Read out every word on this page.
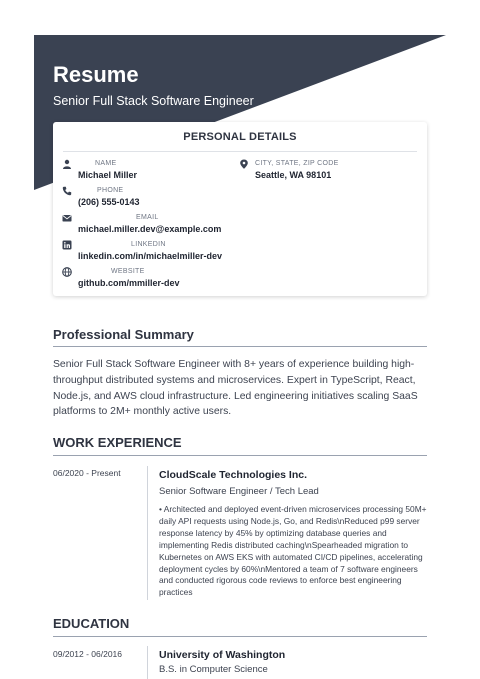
Resume

Senior Full Stack Software Engineer

PERSONAL DETAILS
NAME
Michael Miller
CITY, STATE, ZIP CODE
Seattle, WA 98101
PHONE
(206) 555-0143
EMAIL
michael.miller.dev@example.com
LINKEDIN
linkedin.com/in/michaelmiller-dev
WEBSITE
github.com/mmiller-dev
Professional Summary

Senior Full Stack Software Engineer with 8+ years of experience building high-throughput distributed systems and microservices. Expert in TypeScript, React, Node.js, and AWS cloud infrastructure. Led engineering initiatives scaling SaaS platforms to 2M+ monthly active users.

WORK EXPERIENCE
06/2020 - Present	CloudScale Technologies Inc.
Senior Software Engineer / Tech Lead

• Architected and deployed event-driven microservices processing 50M+ daily API requests using Node.js, Go, and Redis\nReduced p99 server response latency by 45% by optimizing database queries and implementing Redis distributed caching\nSpearheaded migration to Kubernetes on AWS EKS with automated CI/CD pipelines, accelerating deployment cycles by 60%\nMentored a team of 7 software engineers and conducted rigorous code reviews to enforce best engineering practices

EDUCATION
09/2012 - 06/2016	University of Washington
B.S. in Computer Science
